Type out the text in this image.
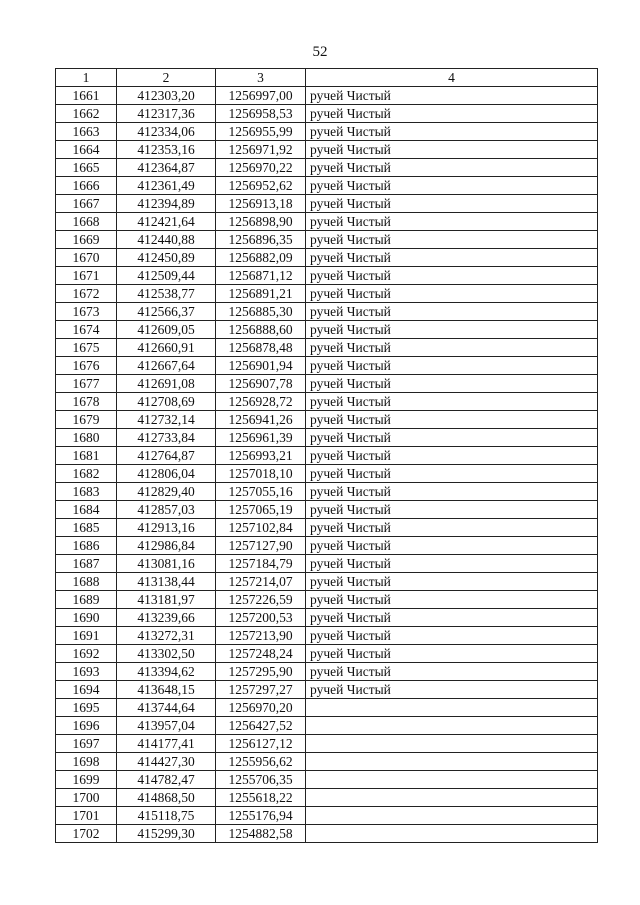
52
1	2	3	4
1661	412303,20	1256997,00	ручей Чистый
1662	412317,36	1256958,53	ручей Чистый
1663	412334,06	1256955,99	ручей Чистый
1664	412353,16	1256971,92	ручей Чистый
1665	412364,87	1256970,22	ручей Чистый
1666	412361,49	1256952,62	ручей Чистый
1667	412394,89	1256913,18	ручей Чистый
1668	412421,64	1256898,90	ручей Чистый
1669	412440,88	1256896,35	ручей Чистый
1670	412450,89	1256882,09	ручей Чистый
1671	412509,44	1256871,12	ручей Чистый
1672	412538,77	1256891,21	ручей Чистый
1673	412566,37	1256885,30	ручей Чистый
1674	412609,05	1256888,60	ручей Чистый
1675	412660,91	1256878,48	ручей Чистый
1676	412667,64	1256901,94	ручей Чистый
1677	412691,08	1256907,78	ручей Чистый
1678	412708,69	1256928,72	ручей Чистый
1679	412732,14	1256941,26	ручей Чистый
1680	412733,84	1256961,39	ручей Чистый
1681	412764,87	1256993,21	ручей Чистый
1682	412806,04	1257018,10	ручей Чистый
1683	412829,40	1257055,16	ручей Чистый
1684	412857,03	1257065,19	ручей Чистый
1685	412913,16	1257102,84	ручей Чистый
1686	412986,84	1257127,90	ручей Чистый
1687	413081,16	1257184,79	ручей Чистый
1688	413138,44	1257214,07	ручей Чистый
1689	413181,97	1257226,59	ручей Чистый
1690	413239,66	1257200,53	ручей Чистый
1691	413272,31	1257213,90	ручей Чистый
1692	413302,50	1257248,24	ручей Чистый
1693	413394,62	1257295,90	ручей Чистый
1694	413648,15	1257297,27	ручей Чистый
1695	413744,64	1256970,20	
1696	413957,04	1256427,52	
1697	414177,41	1256127,12	
1698	414427,30	1255956,62	
1699	414782,47	1255706,35	
1700	414868,50	1255618,22	
1701	415118,75	1255176,94	
1702	415299,30	1254882,58	
